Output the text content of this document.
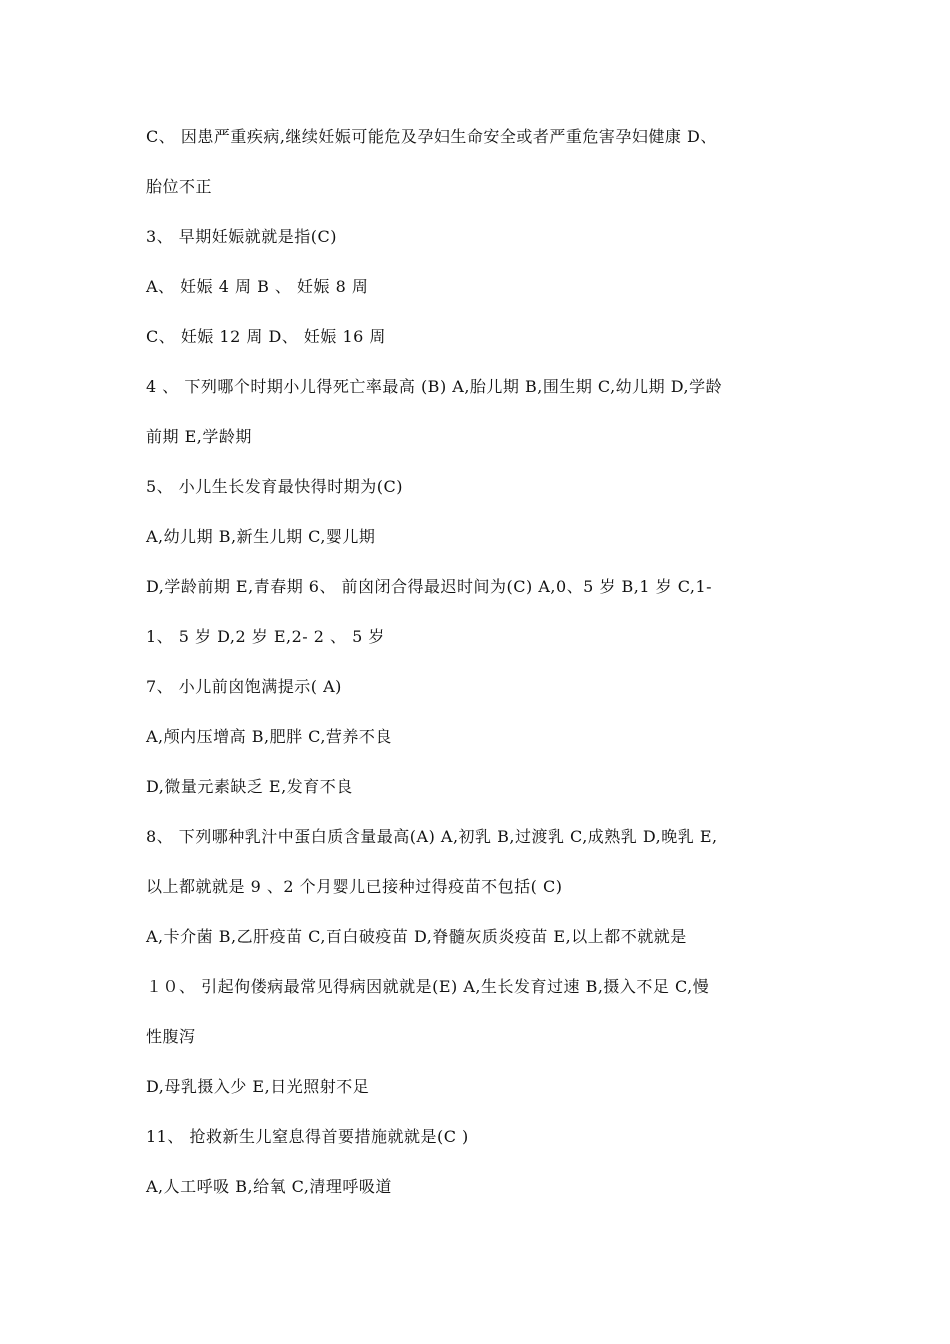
C、 因患严重疾病,继续妊娠可能危及孕妇生命安全或者严重危害孕妇健康 D、
胎位不正
3、 早期妊娠就就是指(C)
A、 妊娠 4 周 B 、 妊娠 8 周
C、 妊娠 12 周 D、 妊娠 16 周
4 、 下列哪个时期小儿得死亡率最高 (B) A,胎儿期 B,围生期 C,幼儿期 D,学龄
前期 E,学龄期
5、 小儿生长发育最快得时期为(C)
A,幼儿期 B,新生儿期 C,婴儿期
D,学龄前期 E,青春期 6、 前囟闭合得最迟时间为(C) A,0、5 岁 B,1 岁 C,1-
1、 5 岁 D,2 岁 E,2- 2 、 5 岁
7、 小儿前囟饱满提示( A)
A,颅内压增高 B,肥胖 C,营养不良
D,微量元素缺乏 E,发育不良
8、 下列哪种乳汁中蛋白质含量最高(A) A,初乳 B,过渡乳 C,成熟乳 D,晚乳 E,
以上都就就是 9 、2 个月婴儿已接种过得疫苗不包括( C)
A,卡介菌 B,乙肝疫苗 C,百白破疫苗 D,脊髓灰质炎疫苗 E,以上都不就就是
１０、 引起佝偻病最常见得病因就就是(E) A,生长发育过速 B,摄入不足 C,慢
性腹泻
D,母乳摄入少 E,日光照射不足
11、 抢救新生儿窒息得首要措施就就是(C )
A,人工呼吸 B,给氧 C,清理呼吸道
